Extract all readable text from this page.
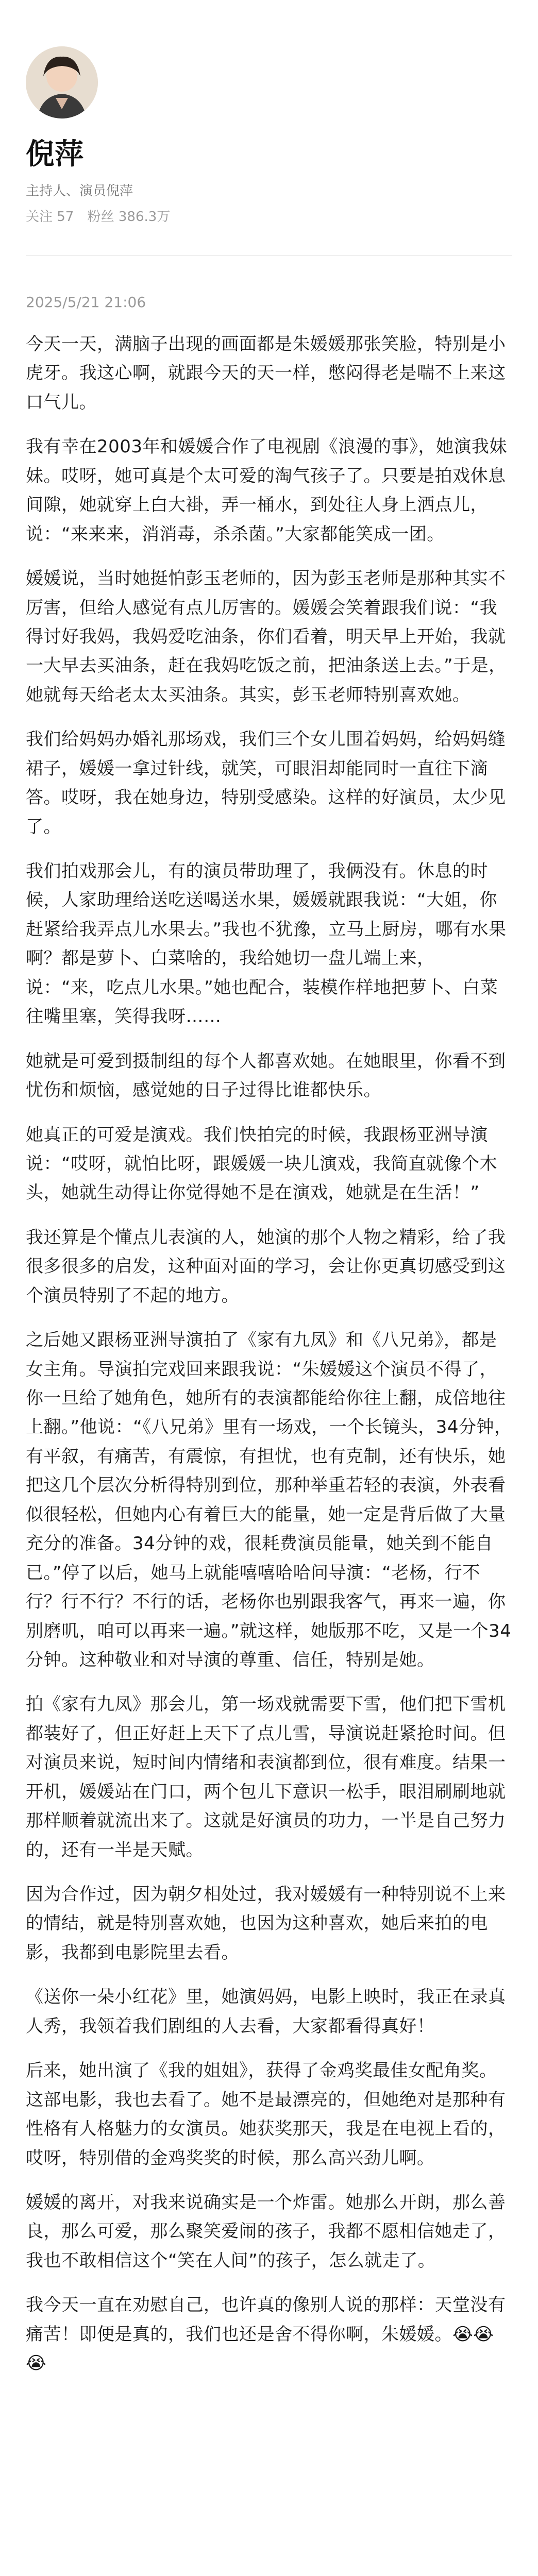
倪萍
主持人、演员倪萍
关注 57 粉丝 386.3万
2025/5/21 21:06

今天一天，满脑子出现的画面都是朱媛媛那张笑脸，特别是小虎牙。我这心啊，就跟今天的天一样，憋闷得老是喘不上来这口气儿。

我有幸在2003年和媛媛合作了电视剧《浪漫的事》，她演我妹妹。哎呀，她可真是个太可爱的淘气孩子了。只要是拍戏休息间隙，她就穿上白大褂，弄一桶水，到处往人身上洒点儿，说：“来来来，消消毒，杀杀菌。”大家都能笑成一团。

媛媛说，当时她挺怕彭玉老师的，因为彭玉老师是那种其实不厉害，但给人感觉有点儿厉害的。媛媛会笑着跟我们说：“我得讨好我妈，我妈爱吃油条，你们看着，明天早上开始，我就一大早去买油条，赶在我妈吃饭之前，把油条送上去。”于是，她就每天给老太太买油条。其实，彭玉老师特别喜欢她。

我们给妈妈办婚礼那场戏，我们三个女儿围着妈妈，给妈妈缝裙子，媛媛一拿过针线，就笑，可眼泪却能同时一直往下滴答。哎呀，我在她身边，特别受感染。这样的好演员，太少见了。

我们拍戏那会儿，有的演员带助理了，我俩没有。休息的时候，人家助理给送吃送喝送水果，媛媛就跟我说：“大姐，你赶紧给我弄点儿水果去。”我也不犹豫，立马上厨房，哪有水果啊？都是萝卜、白菜啥的，我给她切一盘儿端上来，说：“来，吃点儿水果。”她也配合，装模作样地把萝卜、白菜往嘴里塞，笑得我呀……

她就是可爱到摄制组的每个人都喜欢她。在她眼里，你看不到忧伤和烦恼，感觉她的日子过得比谁都快乐。

她真正的可爱是演戏。我们快拍完的时候，我跟杨亚洲导演说：“哎呀，就怕比呀，跟媛媛一块儿演戏，我简直就像个木头，她就生动得让你觉得她不是在演戏，她就是在生活！”

我还算是个懂点儿表演的人，她演的那个人物之精彩，给了我很多很多的启发，这种面对面的学习，会让你更真切感受到这个演员特别了不起的地方。

之后她又跟杨亚洲导演拍了《家有九凤》和《八兄弟》，都是女主角。导演拍完戏回来跟我说：“朱媛媛这个演员不得了，你一旦给了她角色，她所有的表演都能给你往上翻，成倍地往上翻。”他说：“《八兄弟》里有一场戏，一个长镜头，34分钟，有平叙，有痛苦，有震惊，有担忧，也有克制，还有快乐，她把这几个层次分析得特别到位，那种举重若轻的表演，外表看似很轻松，但她内心有着巨大的能量，她一定是背后做了大量充分的准备。34分钟的戏，很耗费演员能量，她关到不能自已。”停了以后，她马上就能嘻嘻哈哈问导演：“老杨，行不行？行不行？不行的话，老杨你也别跟我客气，再来一遍，你别磨叽，咱可以再来一遍。”就这样，她版那不吃，又是一个34分钟。这种敬业和对导演的尊重、信任，特别是她。

拍《家有九凤》那会儿，第一场戏就需要下雪，他们把下雪机都装好了，但正好赶上天下了点儿雪，导演说赶紧抢时间。但对演员来说，短时间内情绪和表演都到位，很有难度。结果一开机，媛媛站在门口，两个包儿下意识一松手，眼泪刷刷地就那样顺着就流出来了。这就是好演员的功力，一半是自己努力的，还有一半是天赋。

因为合作过，因为朝夕相处过，我对媛媛有一种特别说不上来的情结，就是特别喜欢她，也因为这种喜欢，她后来拍的电影，我都到电影院里去看。

《送你一朵小红花》里，她演妈妈，电影上映时，我正在录真人秀，我领着我们剧组的人去看，大家都看得真好！

后来，她出演了《我的姐姐》，获得了金鸡奖最佳女配角奖。这部电影，我也去看了。她不是最漂亮的，但她绝对是那种有性格有人格魅力的女演员。她获奖那天，我是在电视上看的，哎呀，特别借的金鸡奖奖的时候，那么高兴劲儿啊。

媛媛的离开，对我来说确实是一个炸雷。她那么开朗，那么善良，那么可爱，那么聚笑爱闹的孩子，我都不愿相信她走了，我也不敢相信这个“笑在人间”的孩子，怎么就走了。

我今天一直在劝慰自己，也许真的像别人说的那样：天堂没有痛苦！即便是真的，我们也还是舍不得你啊，朱媛媛。😭😭😭
